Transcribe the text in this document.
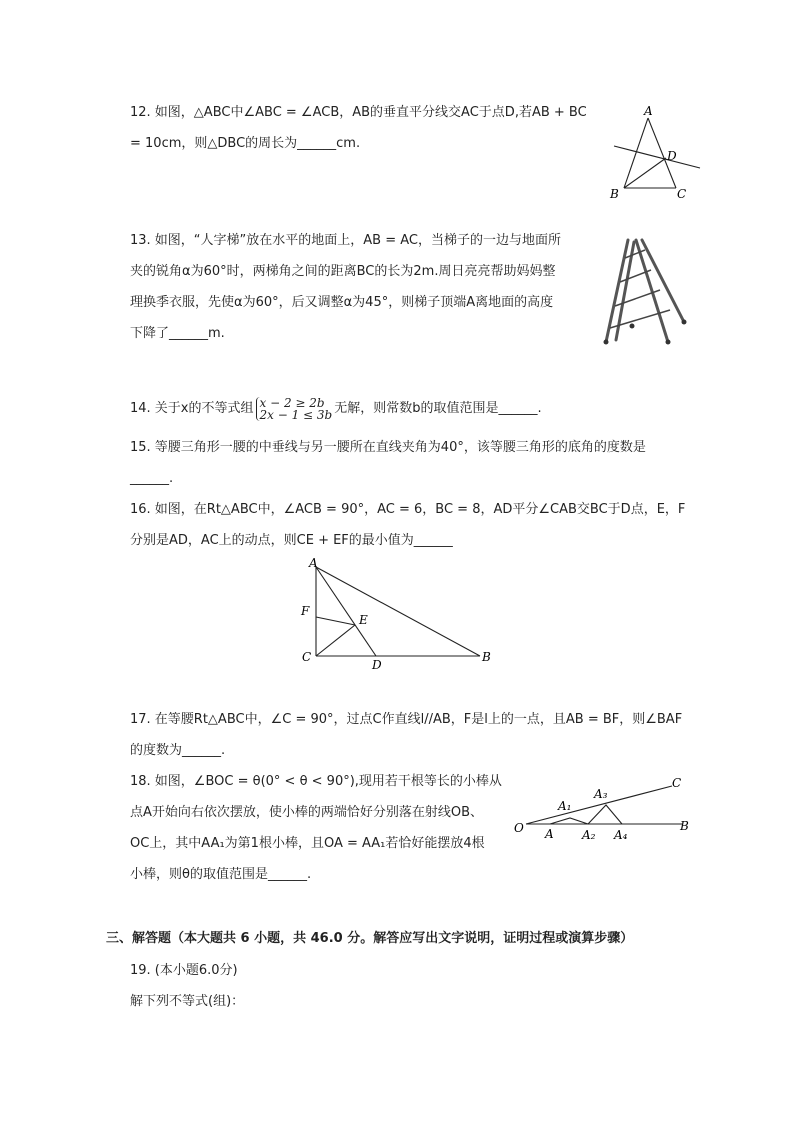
12. 如图，△ABC中∠ABC = ∠ACB，AB的垂直平分线交AC于点D,若AB + BC
= 10cm，则△DBC的周长为______cm.
A
B	C
D
13. 如图，“人字梯”放在水平的地面上，AB = AC，当梯子的一边与地面所
夹的锐角α为60°时，两梯角之间的距离BC的长为2m.周日亮亮帮助妈妈整
理换季衣服，先使α为60°，后又调整α为45°，则梯子顶端A离地面的高度
下降了______m.
14. 关于x的不等式组 x − 2 ≥ 2b
2x − 1 ≤ 3b 无解，则常数b的取值范围是______.
15. 等腰三角形一腰的中垂线与另一腰所在直线夹角为40°，该等腰三角形的底角的度数是
______.
16. 如图，在Rt△ABC中，∠ACB = 90°，AC = 6，BC = 8，AD平分∠CAB交BC于D点，E，F
分别是AD，AC上的动点，则CE + EF的最小值为______
A
B
C
D
E
F
17. 在等腰Rt△ABC中，∠C = 90°，过点C作直线l//AB，F是l上的一点，且AB = BF，则∠BAF
的度数为______.
18. 如图，∠BOC = θ(0° < θ < 90°),现用若干根等长的小棒从
点A开始向右依次摆放，使小棒的两端恰好分别落在射线OB、
OC上，其中AA₁为第1根小棒，且OA = AA₁若恰好能摆放4根
小棒，则θ的取值范围是______.
O A
A₁
A₂
A₃
A₄
B
C
三、解答题（本大题共 6 小题，共 46.0 分。解答应写出文字说明，证明过程或演算步骤）
19. (本小题6.0分)
解下列不等式(组)：
